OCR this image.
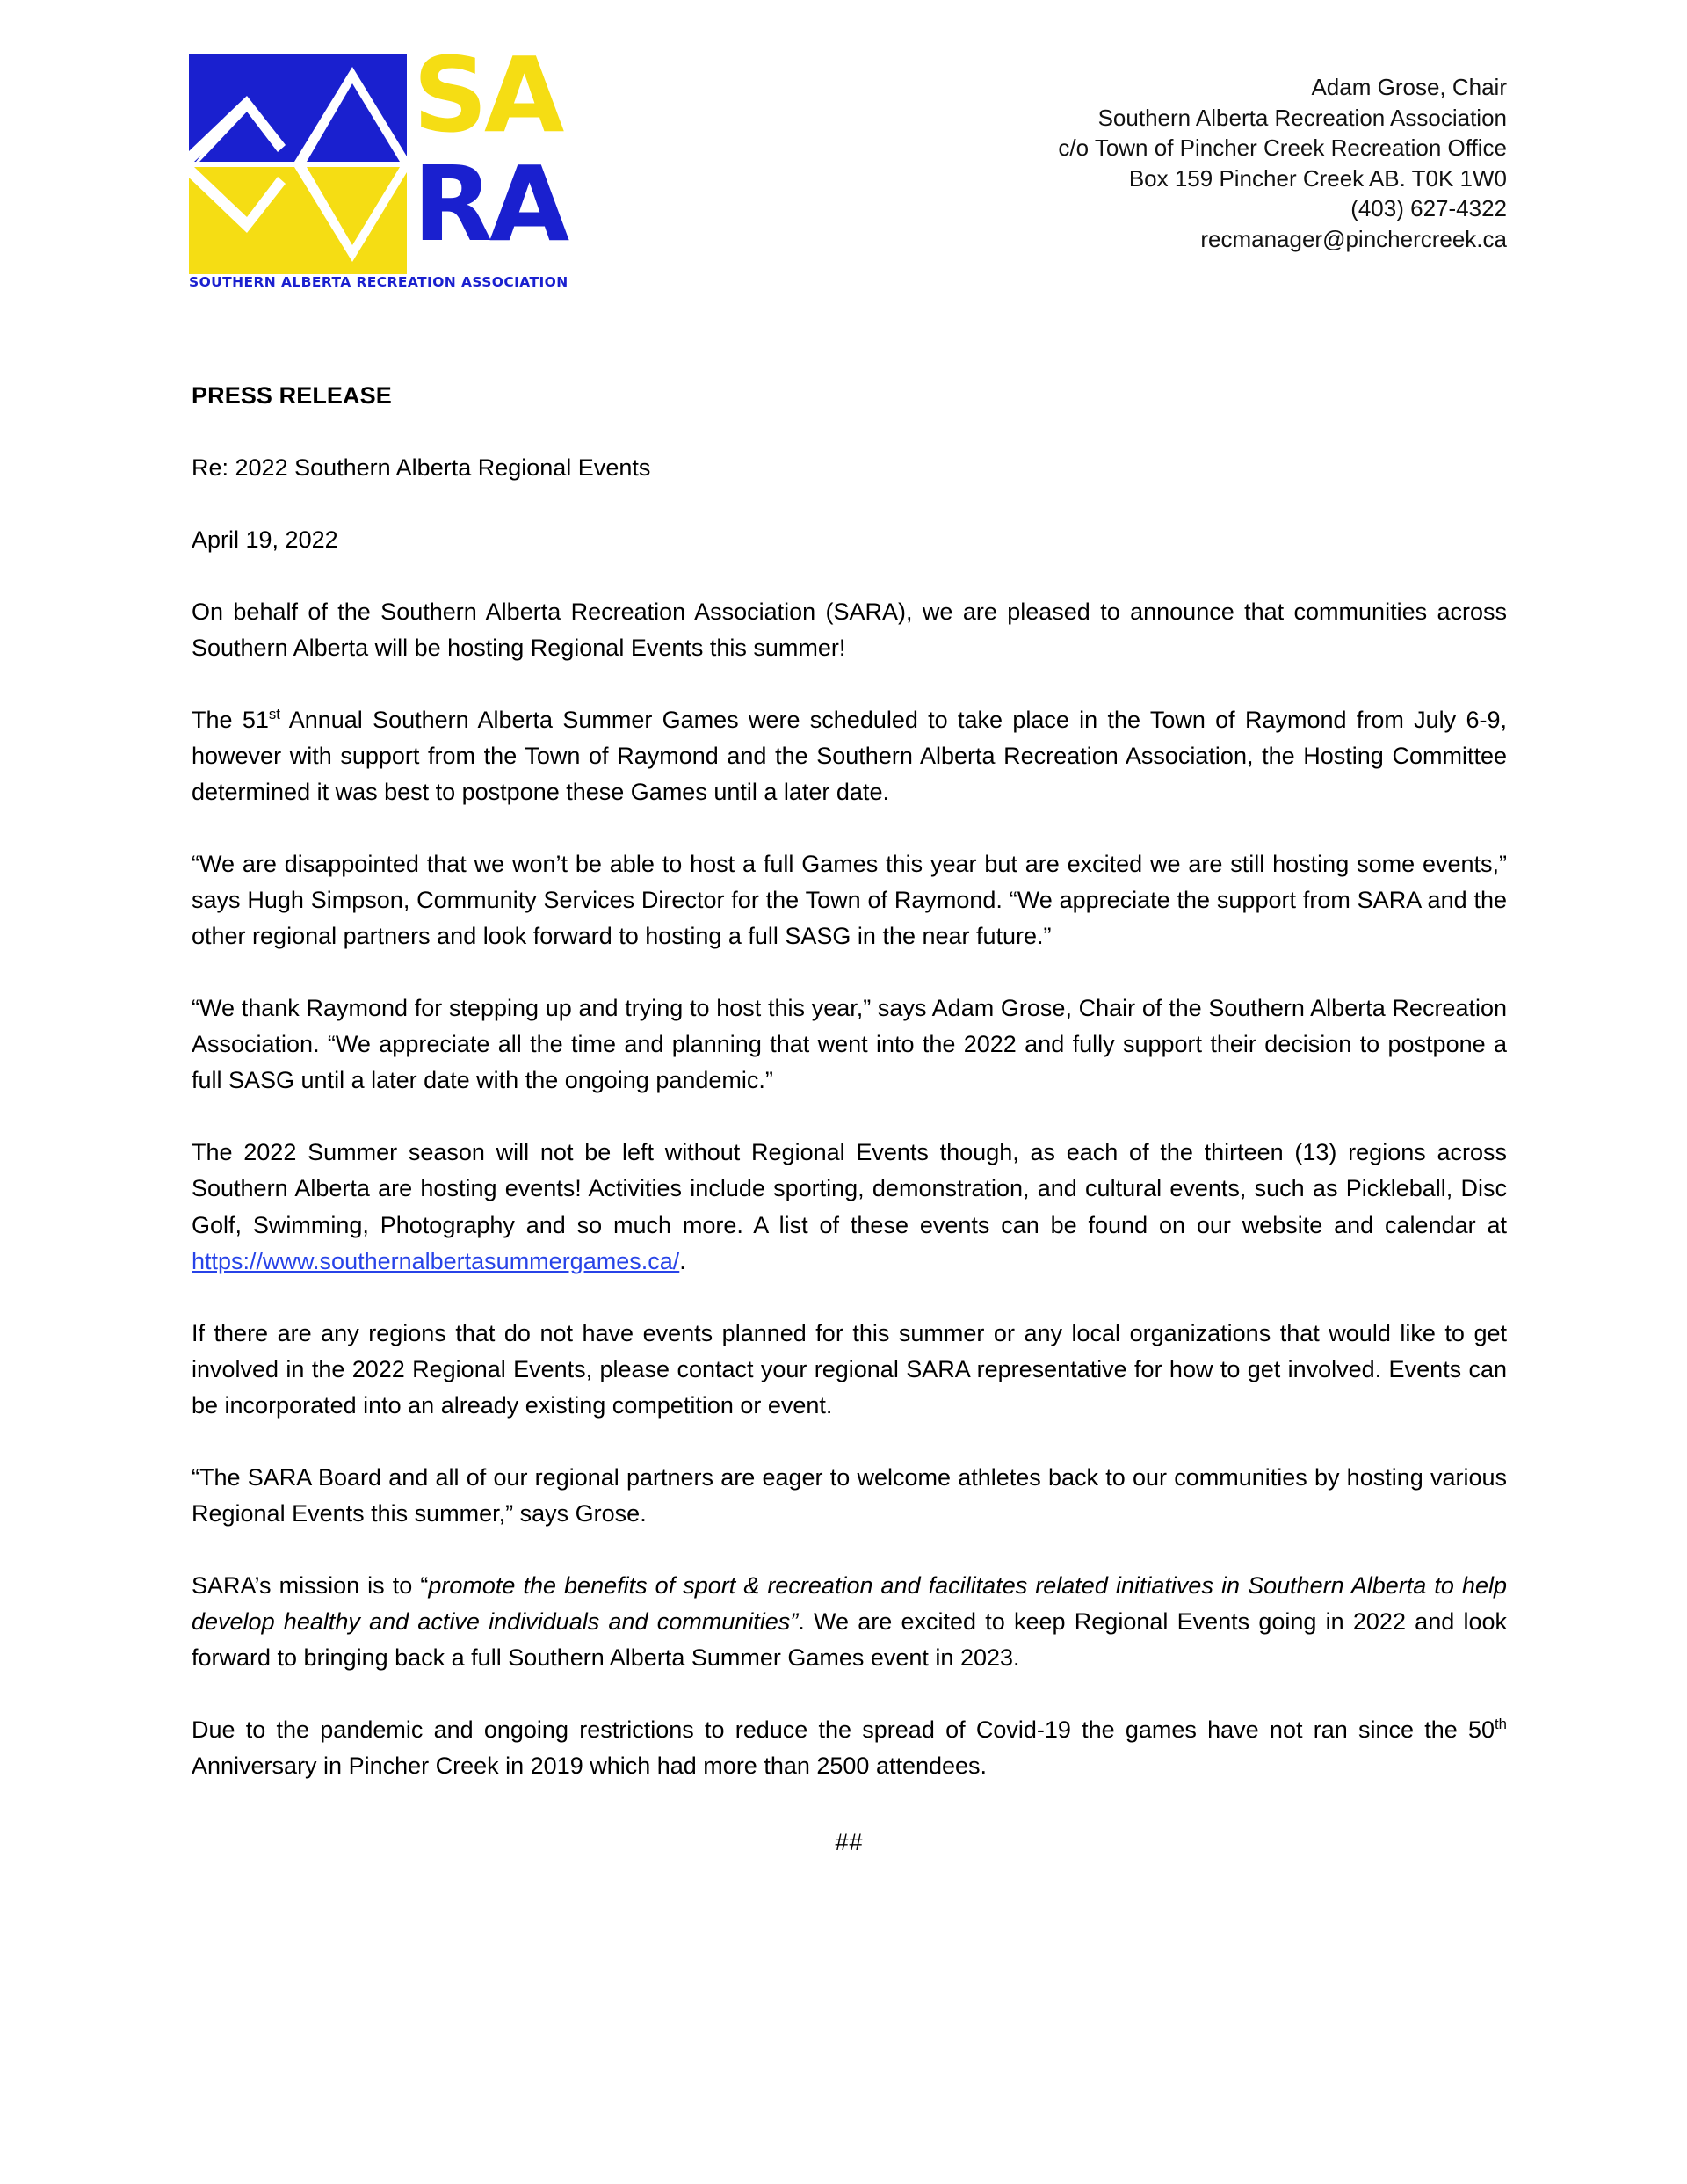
SA
RA
SOUTHERN ALBERTA RECREATION ASSOCIATION
Adam Grose, Chair
Southern Alberta Recreation Association
c/o Town of Pincher Creek Recreation Office
Box 159 Pincher Creek AB. T0K 1W0
(403) 627-4322
recmanager@pinchercreek.ca
PRESS RELEASE

Re: 2022 Southern Alberta Regional Events

April 19, 2022

On behalf of the Southern Alberta Recreation Association (SARA), we are pleased to announce that communities across Southern Alberta will be hosting Regional Events this summer!

The 51st Annual Southern Alberta Summer Games were scheduled to take place in the Town of Raymond from July 6-9, however with support from the Town of Raymond and the Southern Alberta Recreation Association, the Hosting Committee determined it was best to postpone these Games until a later date.

“We are disappointed that we won’t be able to host a full Games this year but are excited we are still hosting some events,” says Hugh Simpson, Community Services Director for the Town of Raymond. “We appreciate the support from SARA and the other regional partners and look forward to hosting a full SASG in the near future.”

“We thank Raymond for stepping up and trying to host this year,” says Adam Grose, Chair of the Southern Alberta Recreation Association. “We appreciate all the time and planning that went into the 2022 and fully support their decision to postpone a full SASG until a later date with the ongoing pandemic.”

The 2022 Summer season will not be left without Regional Events though, as each of the thirteen (13) regions across Southern Alberta are hosting events! Activities include sporting, demonstration, and cultural events, such as Pickleball, Disc Golf, Swimming, Photography and so much more. A list of these events can be found on our website and calendar at https://www.southernalbertasummergames.ca/.

If there are any regions that do not have events planned for this summer or any local organizations that would like to get involved in the 2022 Regional Events, please contact your regional SARA representative for how to get involved. Events can be incorporated into an already existing competition or event.

“The SARA Board and all of our regional partners are eager to welcome athletes back to our communities by hosting various Regional Events this summer,” says Grose.

SARA’s mission is to “promote the benefits of sport & recreation and facilitates related initiatives in Southern Alberta to help develop healthy and active individuals and communities”. We are excited to keep Regional Events going in 2022 and look forward to bringing back a full Southern Alberta Summer Games event in 2023.

Due to the pandemic and ongoing restrictions to reduce the spread of Covid-19 the games have not ran since the 50th Anniversary in Pincher Creek in 2019 which had more than 2500 attendees.

##
